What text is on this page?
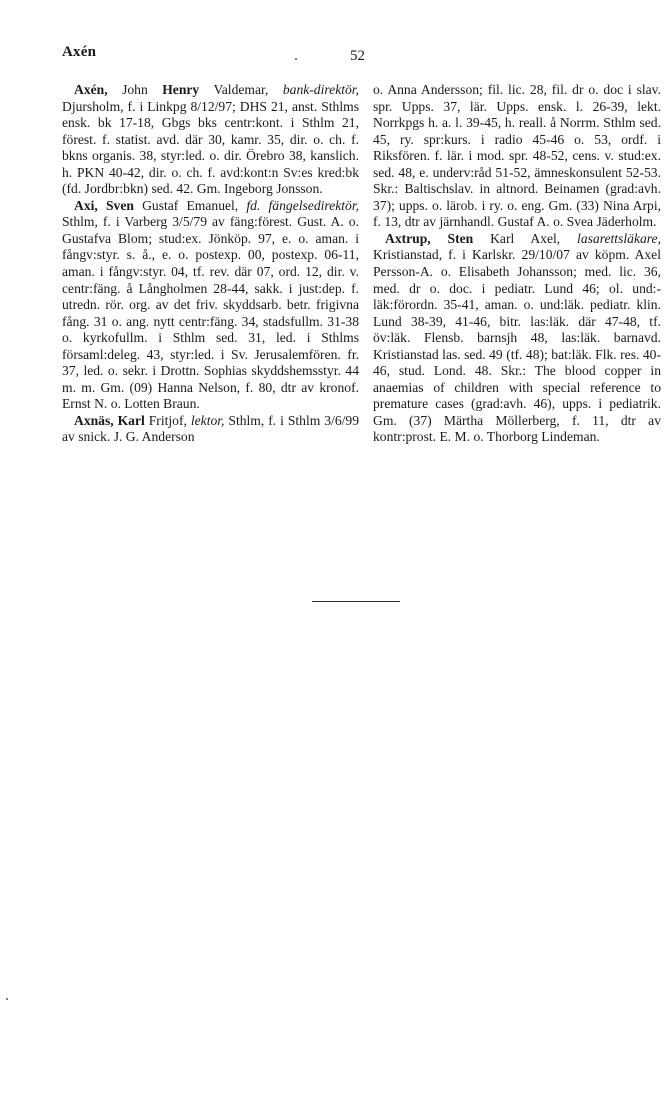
Axén	52

Axén, John Henry Valdemar, bank-direktör, Djursholm, f. i Linkpg 8/12/97; DHS 21, anst. Sthlms ensk. bk 17-18, Gbgs bks centr:kont. i Sthlm 21, förest. f. statist. avd. där 30, kamr. 35, dir. o. ch. f. bkns organis. 38, styr:led. o. dir. Örebro 38, kanslich. h. PKN 40-42, dir. o. ch. f. avd:kont:n Sv:es kred:bk (fd. Jordbr:bkn) sed. 42. Gm. Ingeborg Jonsson.

Axi, Sven Gustaf Emanuel, fd. fängelsedirektör, Sthlm, f. i Varberg 3/5/79 av fäng:förest. Gust. A. o. Gustafva Blom; stud:ex. Jönköp. 97, e. o. aman. i fångv:styr. s. å., e. o. postexp. 00, postexp. 06-11, aman. i fångv:styr. 04, tf. rev. där 07, ord. 12, dir. v. centr:fäng. å Långholmen 28-44, sakk. i just:dep. f. utredn. rör. org. av det friv. skyddsarb. betr. frigivna fång. 31 o. ang. nytt centr:fäng. 34, stadsfullm. 31-38 o. kyrkofullm. i Sthlm sed. 31, led. i Sthlms församl:deleg. 43, styr:led. i Sv. Jerusalemfören. fr. 37, led. o. sekr. i Drottn. Sophias skyddshemsstyr. 44 m. m. Gm. (09) Hanna Nelson, f. 80, dtr av kronof. Ernst N. o. Lotten Braun.

Axnäs, Karl Fritjof, lektor, Sthlm, f. i Sthlm 3/6/99 av snick. J. G. Anderson

o. Anna Andersson; fil. lic. 28, fil. dr o. doc i slav. spr. Upps. 37, lär. Upps. ensk. l. 26-39, lekt. Norrkpgs h. a. l. 39-45, h. reall. å Norrm. Sthlm sed. 45, ry. spr:kurs. i radio 45-46 o. 53, ordf. i Riksfören. f. lär. i mod. spr. 48-52, cens. v. stud:ex. sed. 48, e. underv:råd 51-52, ämneskonsulent 52-53. Skr.: Baltischslav. in altnord. Beinamen (grad:avh. 37); upps. o. lärob. i ry. o. eng. Gm. (33) Nina Arpi, f. 13, dtr av järnhandl. Gustaf A. o. Svea Jäderholm.

Axtrup, Sten Karl Axel, lasarettsläkare, Kristianstad, f. i Karlskr. 29/10/07 av köpm. Axel Persson-A. o. Elisabeth Johansson; med. lic. 36, med. dr o. doc. i pediatr. Lund 46; ol. und:-läk:förordn. 35-41, aman. o. und:läk. pediatr. klin. Lund 38-39, 41-46, bitr. las:läk. där 47-48, tf. öv:läk. Flensb. barnsjh 48, las:läk. barnavd. Kristianstad las. sed. 49 (tf. 48); bat:läk. Flk. res. 40-46, stud. Lond. 48. Skr.: The blood copper in anaemias of children with special reference to premature cases (grad:avh. 46), upps. i pediatrik. Gm. (37) Märtha Möllerberg, f. 11, dtr av kontr:prost. E. M. o. Thorborg Lindeman.
